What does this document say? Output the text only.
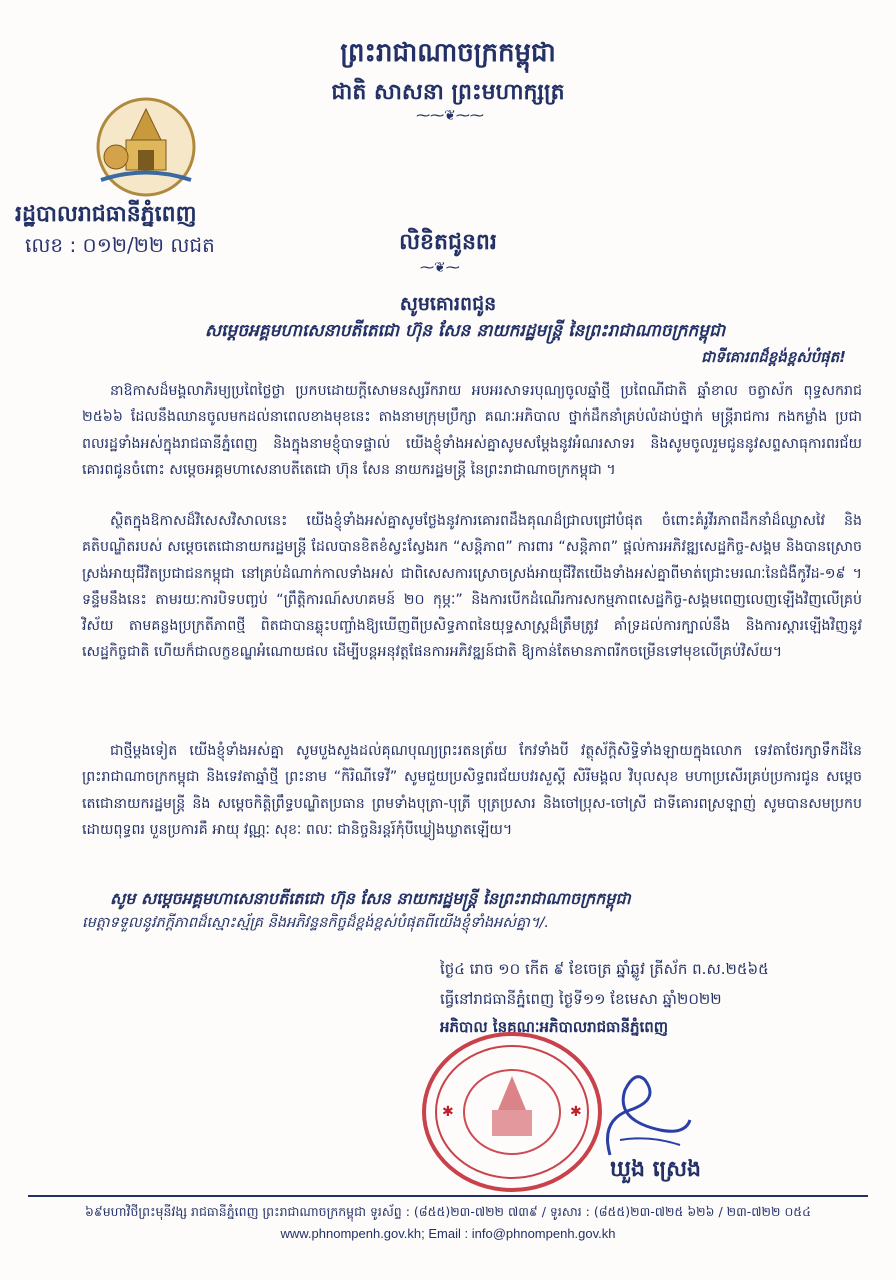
ព្រះរាជាណាចក្រកម្ពុជា
ជាតិ សាសនា ព្រះមហាក្សត្រ
⁓⁓❦⁓⁓
រដ្ឋបាលរាជធានីភ្នំពេញ
លេខ : ០១២/២២ លជត	លិខិតជូនពរ
⁓❦⁓
សូមគោរពជូន
សម្តេចអគ្គមហាសេនាបតីតេជោ ហ៊ុន សែន នាយករដ្ឋមន្ត្រី នៃព្រះរាជាណាចក្រកម្ពុជា
ជាទីគោរពដ៏ខ្ពង់ខ្ពស់បំផុត!
នាឱកាសដ៏មង្គលាភិរម្យប្រពៃថ្លៃថ្លា ប្រកបដោយក្តីសោមនស្សរីករាយ អបអរសាទរបុណ្យចូលឆ្នាំថ្មី ប្រពៃណីជាតិ ឆ្នាំខាល ចត្វាស័ក ពុទ្ធសករាជ ២៥៦៦ ដែលនឹងឈានចូលមកដល់នាពេលខាងមុខនេះ តាងនាមក្រុមប្រឹក្សា គណៈអភិបាល ថ្នាក់ដឹកនាំគ្រប់លំដាប់ថ្នាក់ មន្ត្រីរាជការ កងកម្លាំង ប្រជាពលរដ្ឋទាំងអស់ក្នុងរាជធានីភ្នំពេញ និងក្នុងនាមខ្ញុំបាទផ្ទាល់ យើងខ្ញុំទាំងអស់គ្នាសូមសម្តែងនូវអំណរសាទរ និងសូមចូលរួមជូននូវសព្ទសាធុការពរជ័យ គោរពជូនចំពោះ សម្តេចអគ្គមហាសេនាបតីតេជោ ហ៊ុន សែន នាយករដ្ឋមន្ត្រី នៃព្រះរាជាណាចក្រកម្ពុជា ។
ស្ថិតក្នុងឱកាសដ៏វិសេសវិសាលនេះ យើងខ្ញុំទាំងអស់គ្នាសូមថ្លែងនូវការគោរពដឹងគុណដ៏ជ្រាលជ្រៅបំផុត ចំពោះគំរូវីរភាពដឹកនាំដ៏ឈ្លាសវៃ និងគតិបណ្ឌិតរបស់ សម្តេចតេជោនាយករដ្ឋមន្ត្រី ដែលបានខិតខំស្វះស្វែងរក “សន្តិភាព” ការពារ “សន្តិភាព” ផ្តល់ការអភិវឌ្ឍសេដ្ឋកិច្ច-សង្គម និងបានស្រោចស្រង់អាយុជីវិតប្រជាជនកម្ពុជា នៅគ្រប់ដំណាក់កាលទាំងអស់ ជាពិសេសការស្រោចស្រង់អាយុជីវិតយើងទាំងអស់គ្នាពីមាត់ជ្រោះមរណៈនៃជំងឺកូវីដ-១៩ ។ ទន្ទឹមនឹងនេះ តាមរយៈការបិទបញ្ចប់ “ព្រឹត្តិការណ៍សហគមន៍ ២០ កុម្ភៈ” និងការបើកដំណើរការសកម្មភាពសេដ្ឋកិច្ច-សង្គមពេញលេញឡើងវិញលើគ្រប់វិស័យ តាមគន្លងប្រក្រតីភាពថ្មី ពិតជាបានឆ្លុះបញ្ចាំងឱ្យឃើញពីប្រសិទ្ធភាពនៃយុទ្ធសាស្ត្រដ៏ត្រឹមត្រូវ គាំទ្រដល់ការក្បាល់នឹង និងការស្តារឡើងវិញនូវសេដ្ឋកិច្ចជាតិ ហើយក៏ជាលក្ខខណ្ឌអំណោយផល ដើម្បីបន្តអនុវត្តផែនការអភិវឌ្ឍន៍ជាតិ ឱ្យកាន់តែមានភាពរីកចម្រើនទៅមុខលើគ្រប់វិស័យ។
ជាថ្មីម្តងទៀត យើងខ្ញុំទាំងអស់គ្នា សូមបួងសួងដល់គុណបុណ្យព្រះរតនត្រ័យ កែវទាំងបី វត្ថុស័ក្តិសិទ្ធិទាំងឡាយក្នុងលោក ទេវតាថែរក្សាទឹកដីនៃព្រះរាជាណាចក្រកម្ពុជា និងទេវតាឆ្នាំថ្មី ព្រះនាម “កិរិណីទេវី” សូមជួយប្រសិទ្ធពរជ័យបវរសួស្តី សិរីមង្គល វិបុលសុខ មហាប្រសើរគ្រប់ប្រការជូន សម្តេចតេជោនាយករដ្ឋមន្ត្រី និង សម្តេចកិត្តិព្រឹទ្ធបណ្ឌិតប្រធាន ព្រមទាំងបុត្រា-បុត្រី បុត្រប្រសារ និងចៅប្រុស-ចៅស្រី ជាទីគោរពស្រឡាញ់ សូមបានសមប្រកបដោយពុទ្ធពរ បួនប្រការគឺ អាយុ វណ្ណៈ សុខៈ ពលៈ ជានិច្ចនិរន្តរ៍កុំបីឃ្លៀងឃ្លាតឡើយ។
សូម សម្តេចអគ្គមហាសេនាបតីតេជោ ហ៊ុន សែន នាយករដ្ឋមន្ត្រី នៃព្រះរាជាណាចក្រកម្ពុជា
មេត្តាទទួលនូវភក្តីភាពដ៏ស្មោះស្ម័គ្រ និងអភិវន្ទនកិច្ចដ៏ខ្ពង់ខ្ពស់បំផុតពីយើងខ្ញុំទាំងអស់គ្នា។/.
ថ្ងៃ៤ រោច ១០ កើត ៩ ខែចេត្រ ឆ្នាំឆ្លូវ ត្រីស័ក ព.ស.២៥៦៥
ធ្វើនៅរាជធានីភ្នំពេញ ថ្ងៃទី១១ ខែមេសា ឆ្នាំ២០២២
អភិបាល នៃគណៈអភិបាលរាជធានីភ្នំពេញ
✱	✱
ឃួង ស្រេង
៦៩មហាវិថីព្រះមុនីវង្ស រាជធានីភ្នំពេញ ព្រះរាជាណាចក្រកម្ពុជា ទូរស័ព្ទ : (៨៥៥)២៣-៧២២ ៧៣៩ / ទូរសារ : (៨៥៥)២៣-៧២៥ ៦២៦ / ២៣-៧២២ ០៥៤
www.phnompenh.gov.kh; Email : info@phnompenh.gov.kh
